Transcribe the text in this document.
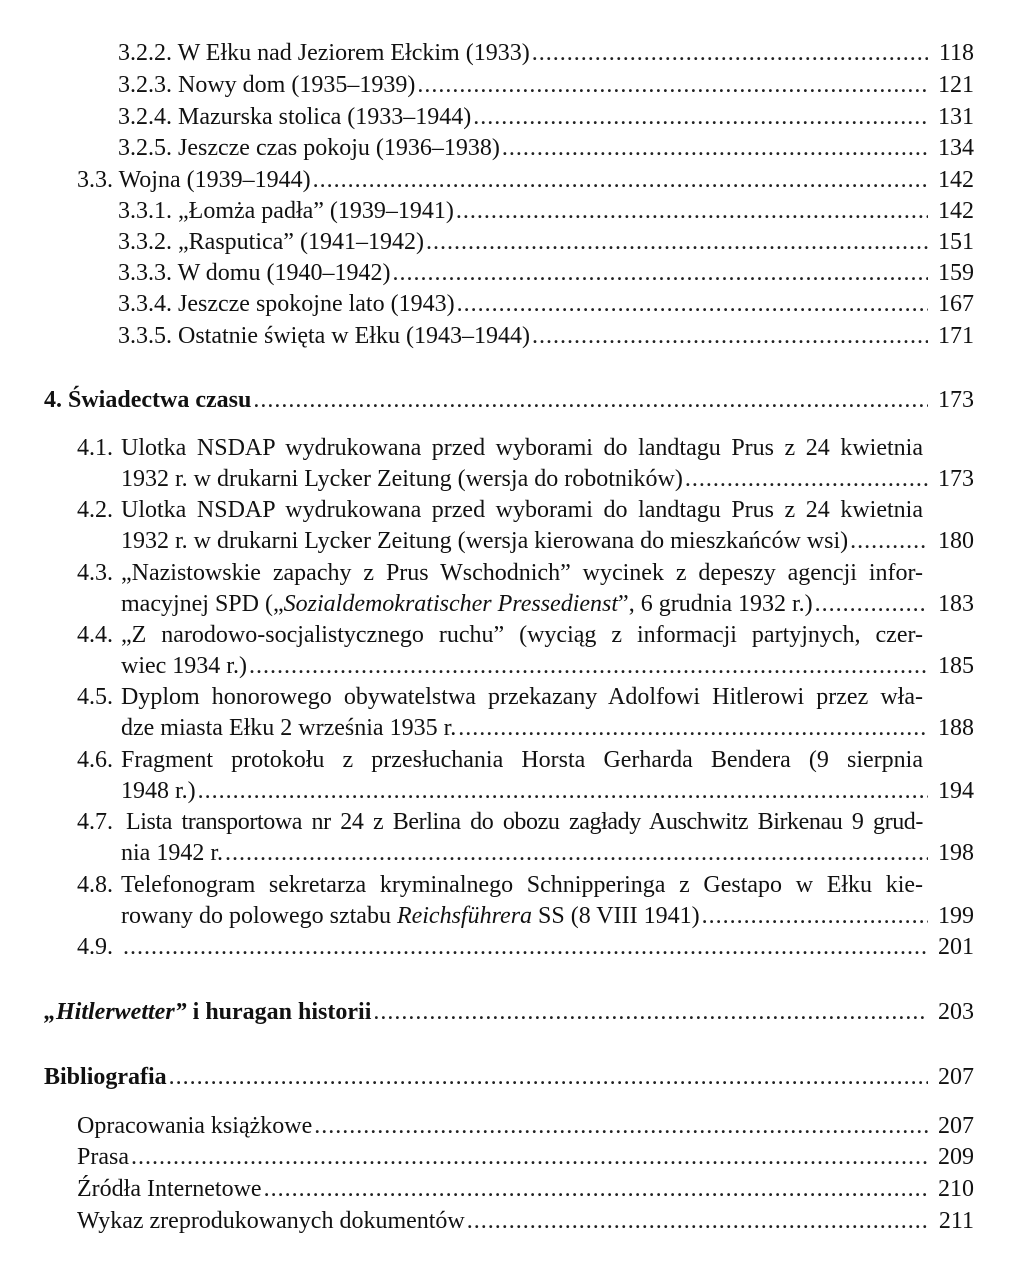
3.2.2. W Ełku nad Jeziorem Ełckim (1933) .....	118
3.2.3. Nowy dom (1935–1939) .....	121
3.2.4. Mazurska stolica (1933–1944) .....	131
3.2.5. Jeszcze czas pokoju (1936–1938) .....	134
3.3. Wojna (1939–1944) .....	142
3.3.1. „Łomża padła” (1939–1941) .....	142
3.3.2. „Rasputica” (1941–1942) .....	151
3.3.3. W domu (1940–1942) .....	159
3.3.4. Jeszcze spokojne lato (1943) .....	167
3.3.5. Ostatnie święta w Ełku (1943–1944) .....	171
4. Świadectwa czasu .....	173
4.1. Ulotka NSDAP wydrukowana przed wyborami do landtagu Prus z 24 kwietnia
1932 r. w drukarni Lycker Zeitung (wersja do robotników) .....	173
4.2. Ulotka NSDAP wydrukowana przed wyborami do landtagu Prus z 24 kwietnia
1932 r. w drukarni Lycker Zeitung (wersja kierowana do mieszkańców wsi) .....	180
4.3. „Nazistowskie zapachy z Prus Wschodnich” wycinek z depeszy agencji infor-
macyjnej SPD („Sozialdemokratischer Pressedienst”, 6 grudnia 1932 r.) .....	183
4.4. „Z narodowo-socjalistycznego ruchu” (wyciąg z informacji partyjnych, czer-
wiec 1934 r.) .....	185
4.5. Dyplom honorowego obywatelstwa przekazany Adolfowi Hitlerowi przez wła-
dze miasta Ełku 2 września 1935 r. .....	188
4.6. Fragment protokołu z przesłuchania Horsta Gerharda Bendera (9 sierpnia
1948 r.) .....	194
4.7. Lista transportowa nr 24 z Berlina do obozu zagłady Auschwitz Birkenau 9 grud-
nia 1942 r. .....	198
4.8. Telefonogram sekretarza kryminalnego Schnipperinga z Gestapo w Ełku kie-
rowany do polowego sztabu Reichsführera SS (8 VIII 1941) .....	199
4.9. .....	201
„Hitlerwetter” i huragan historii .....	203
Bibliografia .....	207
Opracowania książkowe .....	207
Prasa .....	209
Źródła Internetowe .....	210
Wykaz zreprodukowanych dokumentów .....	211
